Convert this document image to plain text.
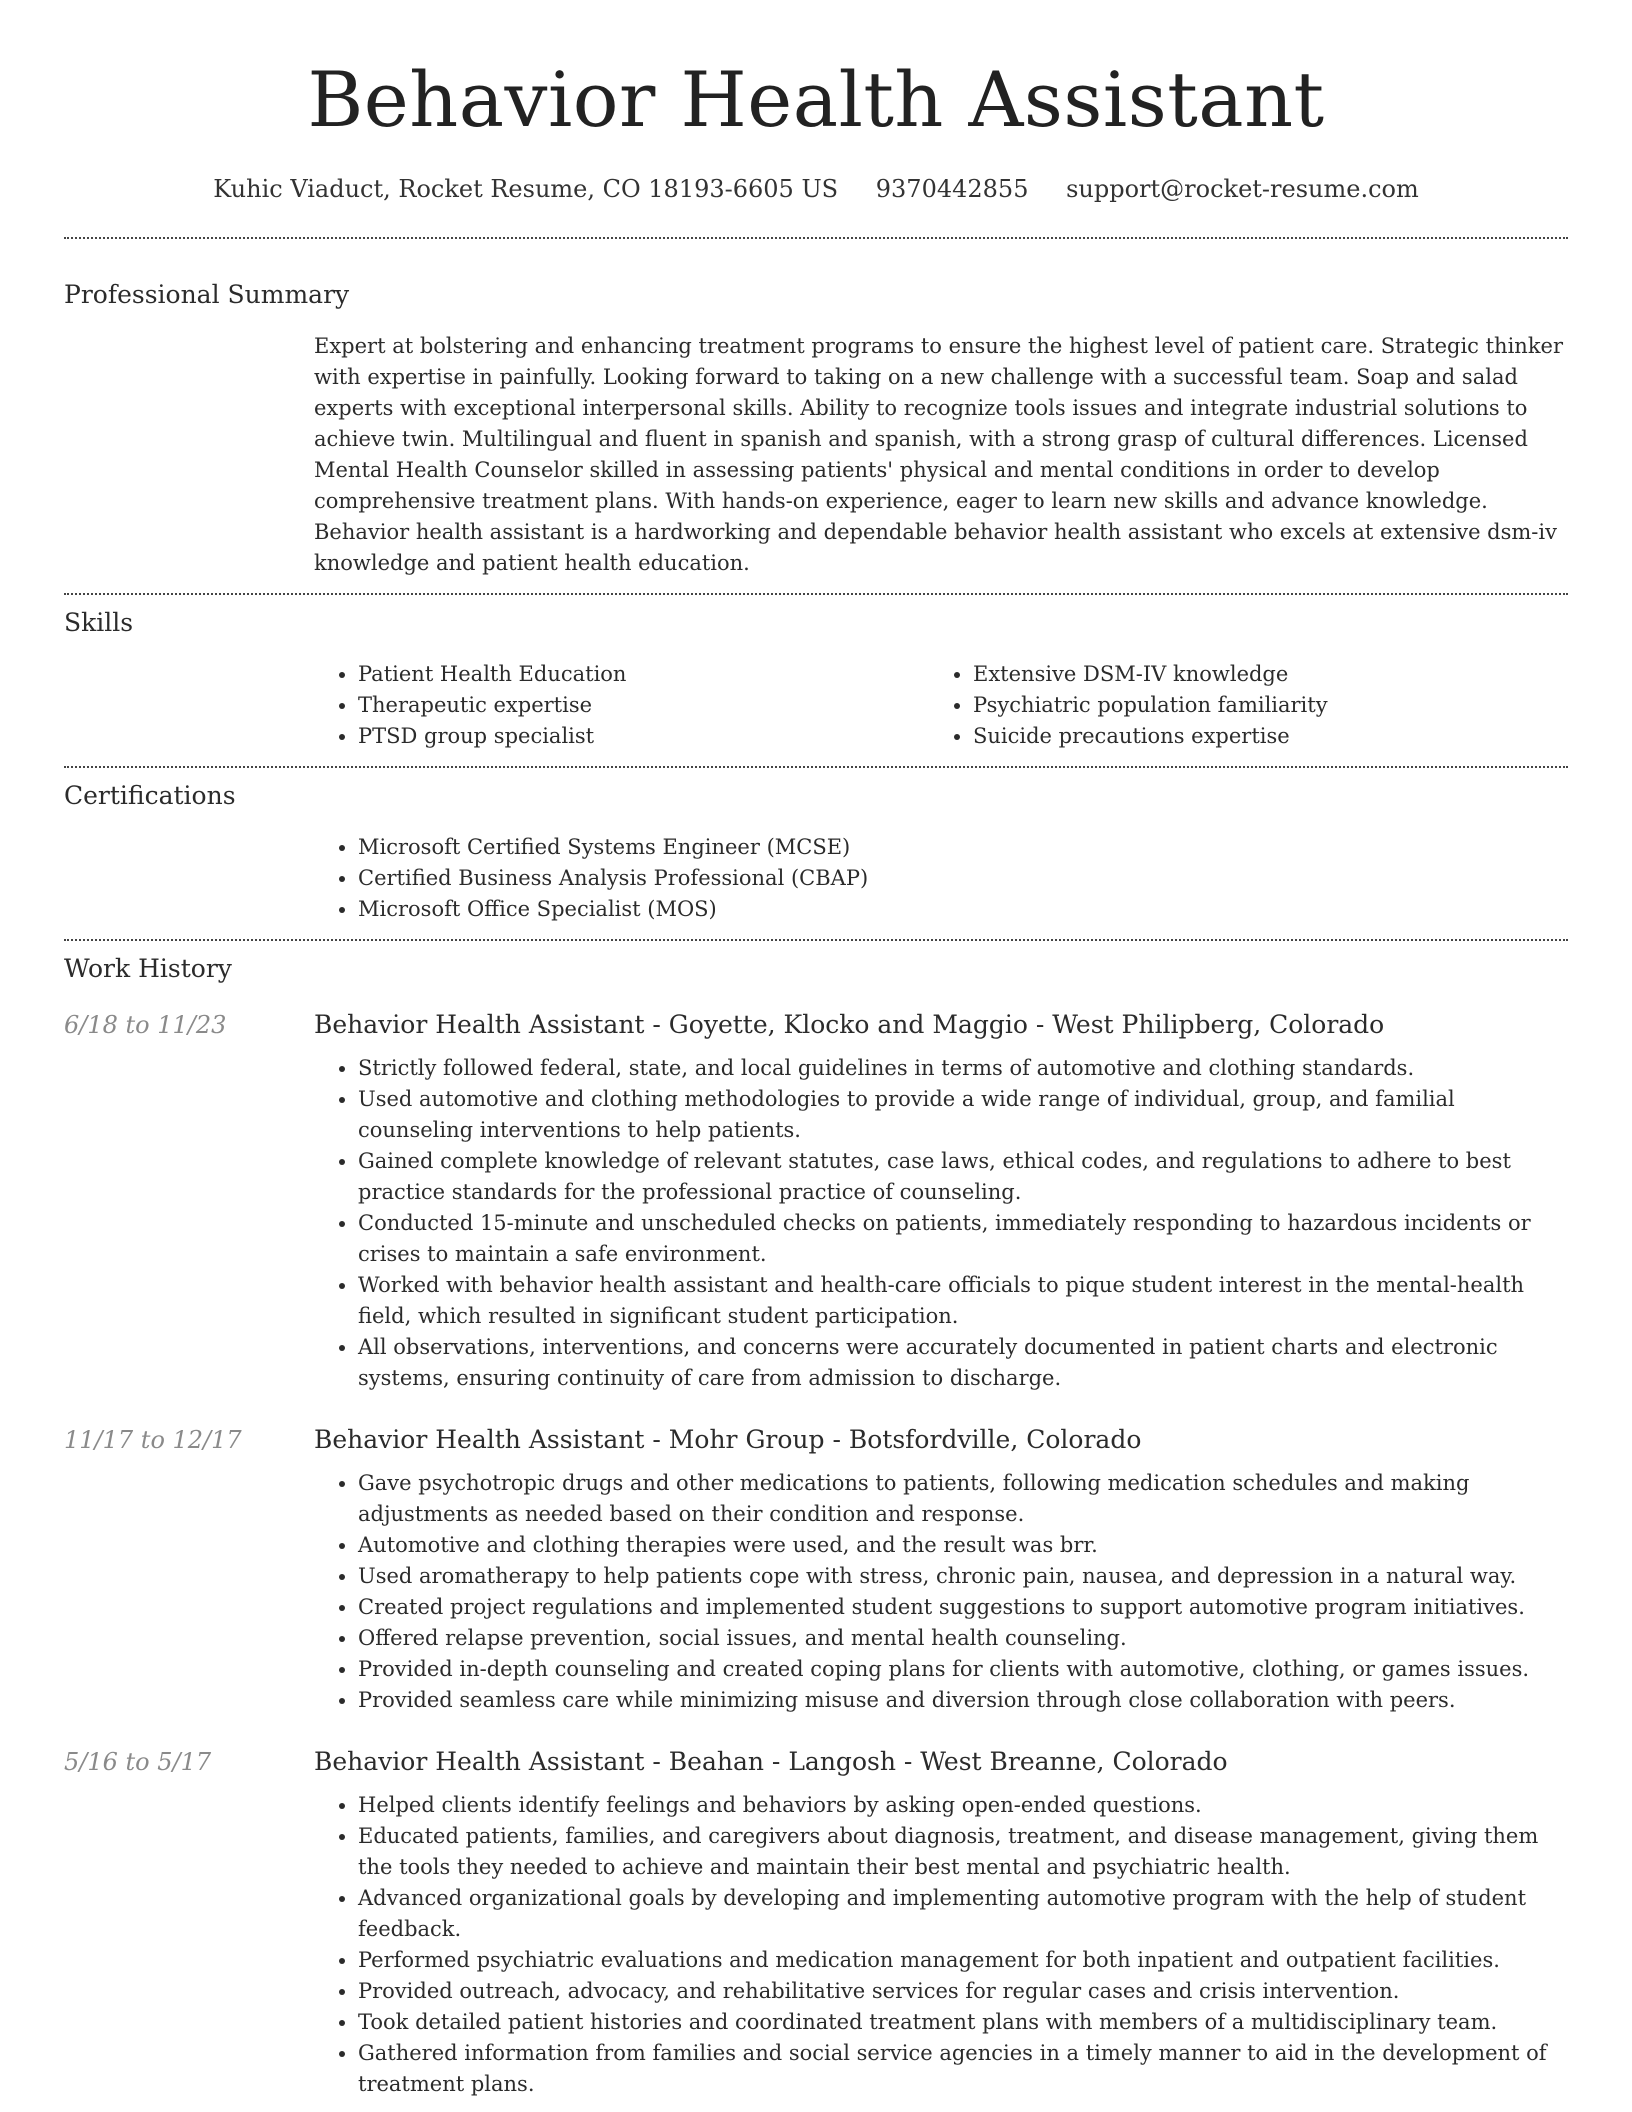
Behavior Health Assistant
Kuhic Viaduct, Rocket Resume, CO 18193-6605 US 9370442855 support@rocket-resume.com
Professional Summary

Expert at bolstering and enhancing treatment programs to ensure the highest level of patient care. Strategic thinker with expertise in painfully. Looking forward to taking on a new challenge with a successful team. Soap and salad experts with exceptional interpersonal skills. Ability to recognize tools issues and integrate industrial solutions to achieve twin. Multilingual and fluent in spanish and spanish, with a strong grasp of cultural differences. Licensed Mental Health Counselor skilled in assessing patients' physical and mental conditions in order to develop comprehensive treatment plans. With hands-on experience, eager to learn new skills and advance knowledge. Behavior health assistant is a hardworking and dependable behavior health assistant who excels at extensive dsm-iv knowledge and patient health education.

Skills
• Patient Health Education
• Therapeutic expertise
• PTSD group specialist
• Extensive DSM-IV knowledge
• Psychiatric population familiarity
• Suicide precautions expertise
Certifications
• Microsoft Certified Systems Engineer (MCSE)
• Certified Business Analysis Professional (CBAP)
• Microsoft Office Specialist (MOS)
Work History
6/18 to 11/23	Behavior Health Assistant - Goyette, Klocko and Maggio - West Philipberg, Colorado
• Strictly followed federal, state, and local guidelines in terms of automotive and clothing standards.
• Used automotive and clothing methodologies to provide a wide range of individual, group, and familial counseling interventions to help patients.
• Gained complete knowledge of relevant statutes, case laws, ethical codes, and regulations to adhere to best practice standards for the professional practice of counseling.
• Conducted 15-minute and unscheduled checks on patients, immediately responding to hazardous incidents or crises to maintain a safe environment.
• Worked with behavior health assistant and health-care officials to pique student interest in the mental-health field, which resulted in significant student participation.
• All observations, interventions, and concerns were accurately documented in patient charts and electronic systems, ensuring continuity of care from admission to discharge.
11/17 to 12/17	Behavior Health Assistant - Mohr Group - Botsfordville, Colorado
• Gave psychotropic drugs and other medications to patients, following medication schedules and making adjustments as needed based on their condition and response.
• Automotive and clothing therapies were used, and the result was brr.
• Used aromatherapy to help patients cope with stress, chronic pain, nausea, and depression in a natural way.
• Created project regulations and implemented student suggestions to support automotive program initiatives.
• Offered relapse prevention, social issues, and mental health counseling.
• Provided in-depth counseling and created coping plans for clients with automotive, clothing, or games issues.
• Provided seamless care while minimizing misuse and diversion through close collaboration with peers.
5/16 to 5/17	Behavior Health Assistant - Beahan - Langosh - West Breanne, Colorado
• Helped clients identify feelings and behaviors by asking open-ended questions.
• Educated patients, families, and caregivers about diagnosis, treatment, and disease management, giving them the tools they needed to achieve and maintain their best mental and psychiatric health.
• Advanced organizational goals by developing and implementing automotive program with the help of student feedback.
• Performed psychiatric evaluations and medication management for both inpatient and outpatient facilities.
• Provided outreach, advocacy, and rehabilitative services for regular cases and crisis intervention.
• Took detailed patient histories and coordinated treatment plans with members of a multidisciplinary team.
• Gathered information from families and social service agencies in a timely manner to aid in the development of treatment plans.
